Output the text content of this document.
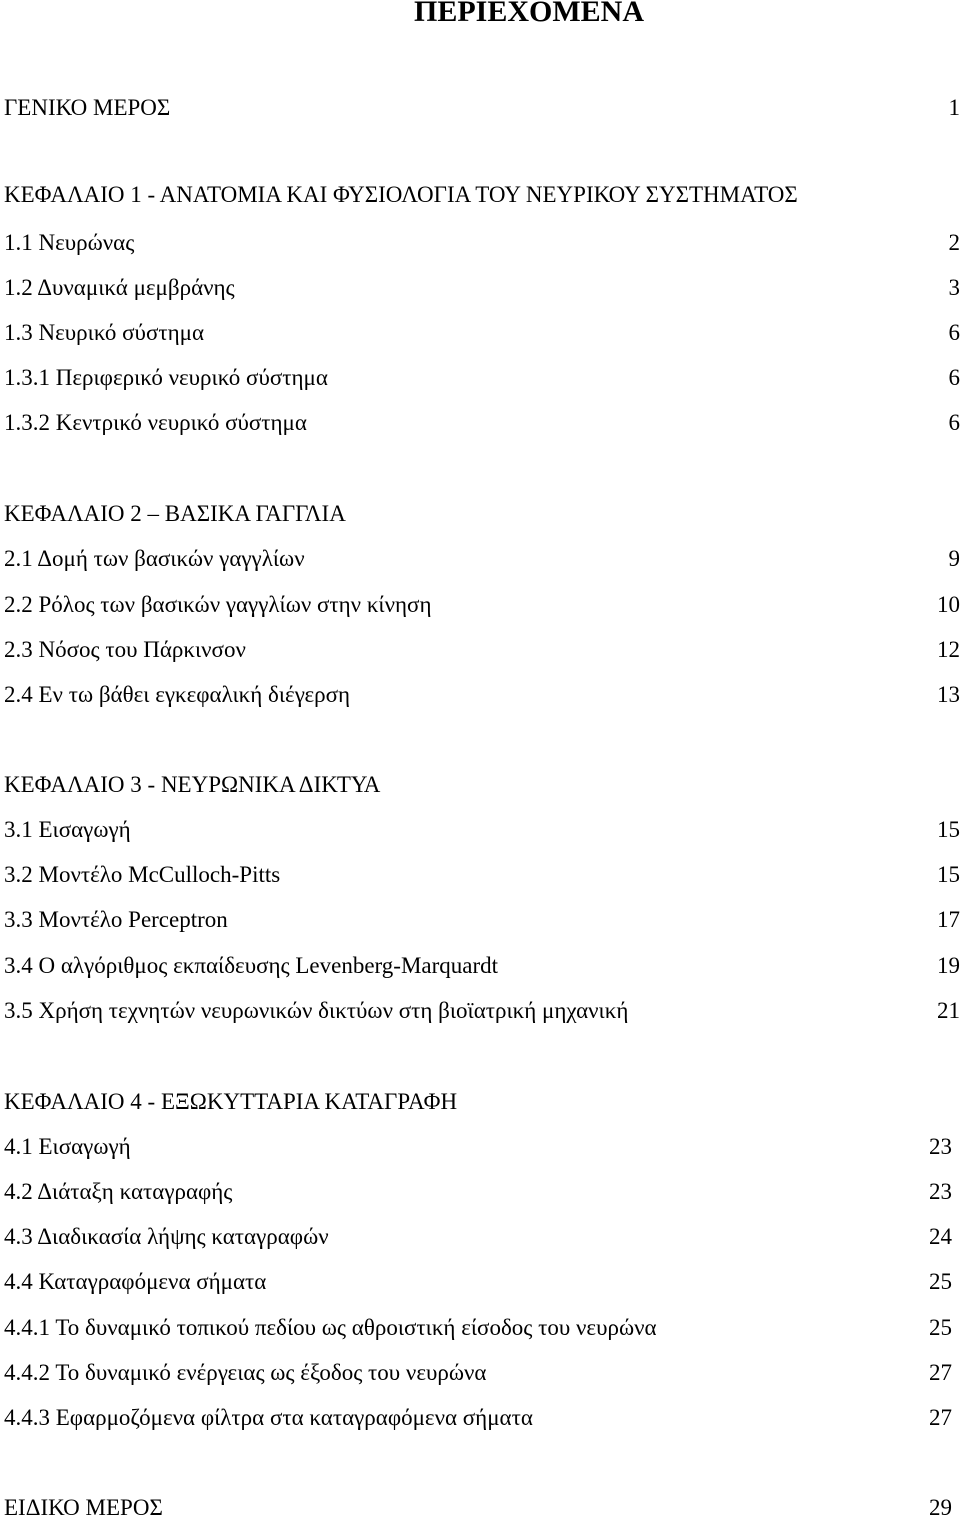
ΠΕΡΙΕΧΟΜΕΝΑ
ΓΕΝΙΚΟ ΜΕΡΟΣ	1
ΚΕΦΑΛΑΙΟ 1 - ΑΝΑΤΟΜΙΑ ΚΑΙ ΦΥΣΙΟΛΟΓΙΑ ΤΟΥ ΝΕΥΡΙΚΟΥ ΣΥΣΤΗΜΑΤΟΣ
1.1 Νευρώνας	2
1.2 Δυναμικά μεμβράνης	3
1.3 Νευρικό σύστημα	6
1.3.1 Περιφερικό νευρικό σύστημα	6
1.3.2 Κεντρικό νευρικό σύστημα	6
ΚΕΦΑΛΑΙΟ 2 – ΒΑΣΙΚΑ ΓΑΓΓΛΙΑ
2.1 Δομή των βασικών γαγγλίων	9
2.2 Ρόλος των βασικών γαγγλίων στην κίνηση	10
2.3 Νόσος του Πάρκινσον	12
2.4 Εν τω βάθει εγκεφαλική διέγερση	13
ΚΕΦΑΛΑΙΟ 3 - ΝΕΥΡΩΝΙΚΑ ΔΙΚΤΥΑ
3.1 Εισαγωγή	15
3.2 Μοντέλο McCulloch-Pitts	15
3.3 Μοντέλο Perceptron	17
3.4 Ο αλγόριθμος εκπαίδευσης Levenberg-Marquardt	19
3.5 Χρήση τεχνητών νευρωνικών δικτύων στη βιοϊατρική μηχανική	21
ΚΕΦΑΛΑΙΟ 4 - ΕΞΩΚΥΤΤΑΡΙΑ ΚΑΤΑΓΡΑΦΗ
4.1 Εισαγωγή	23
4.2 Διάταξη καταγραφής	23
4.3 Διαδικασία λήψης καταγραφών	24
4.4 Καταγραφόμενα σήματα	25
4.4.1 Το δυναμικό τοπικού πεδίου ως αθροιστική είσοδος του νευρώνα	25
4.4.2 Το δυναμικό ενέργειας ως έξοδος του νευρώνα	27
4.4.3 Εφαρμοζόμενα φίλτρα στα καταγραφόμενα σήματα	27
ΕΙΔΙΚΟ ΜΕΡΟΣ	29
